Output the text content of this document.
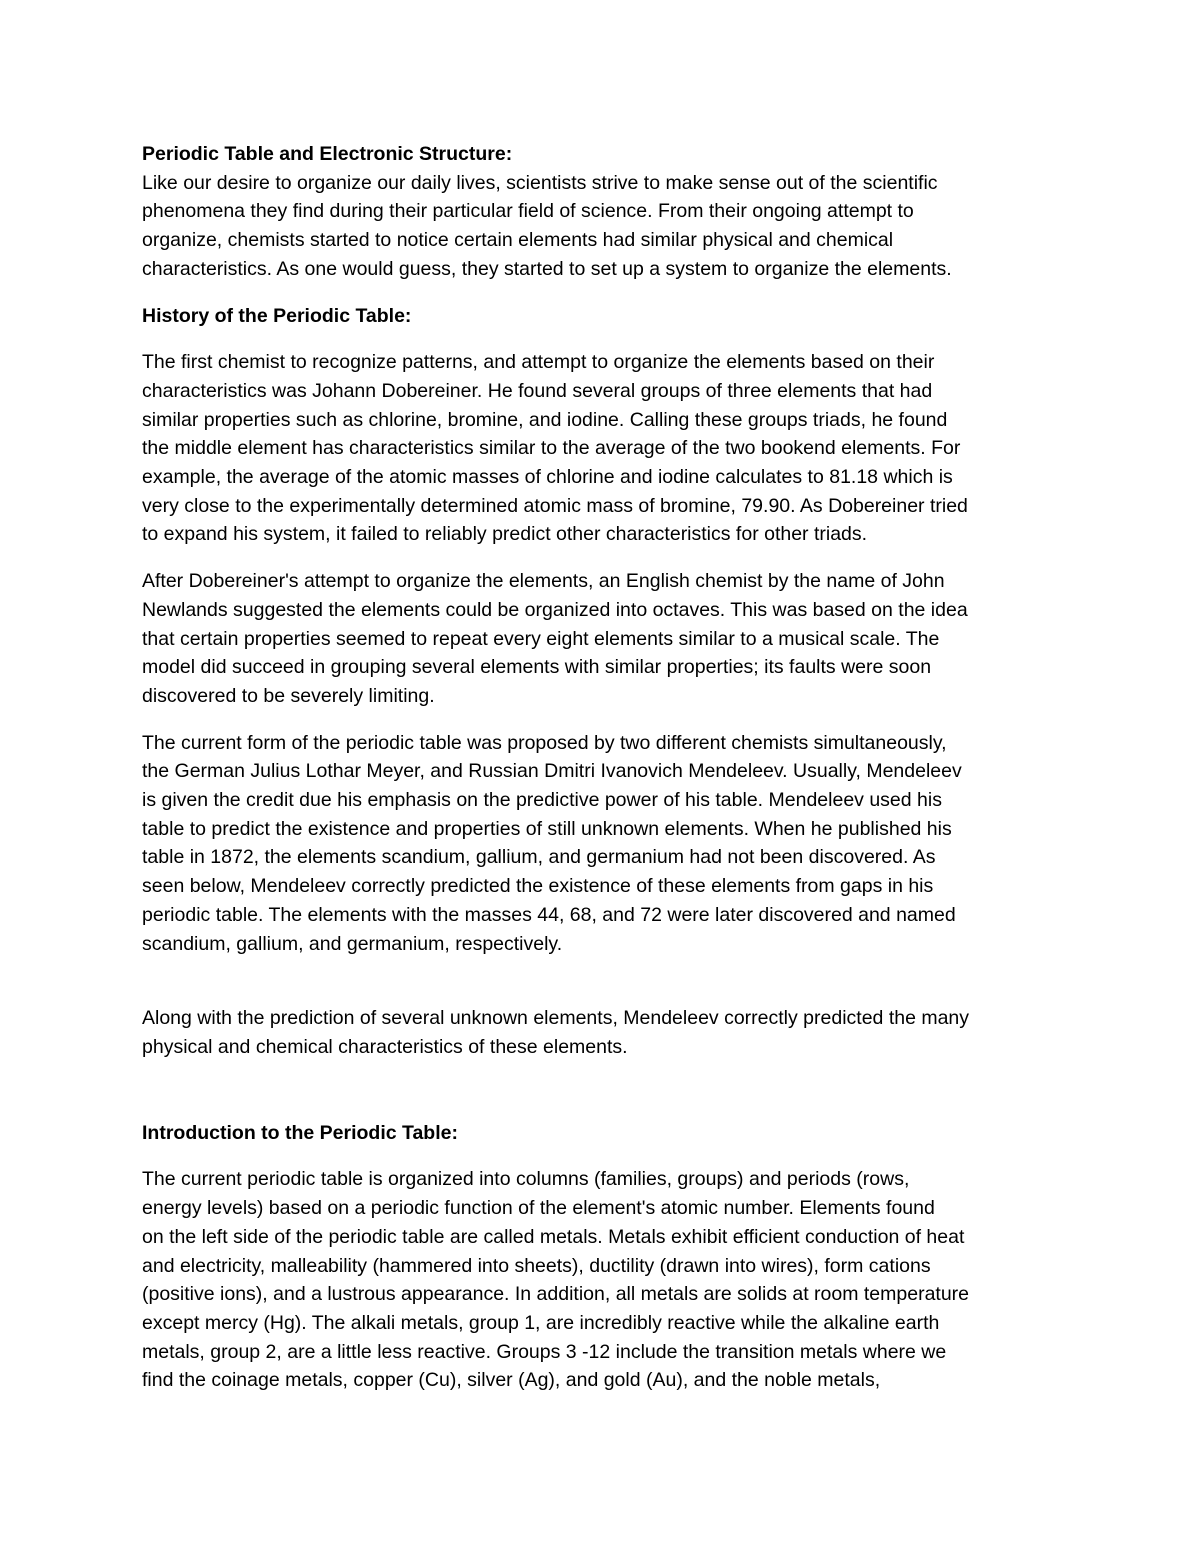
Periodic Table and Electronic Structure:

Like our desire to organize our daily lives, scientists strive to make sense out of the scientific
phenomena they find during their particular field of science. From their ongoing attempt to
organize, chemists started to notice certain elements had similar physical and chemical
characteristics. As one would guess, they started to set up a system to organize the elements.

History of the Periodic Table:

The first chemist to recognize patterns, and attempt to organize the elements based on their
characteristics was Johann Dobereiner. He found several groups of three elements that had
similar properties such as chlorine, bromine, and iodine. Calling these groups triads, he found
the middle element has characteristics similar to the average of the two bookend elements. For
example, the average of the atomic masses of chlorine and iodine calculates to 81.18 which is
very close to the experimentally determined atomic mass of bromine, 79.90. As Dobereiner tried
to expand his system, it failed to reliably predict other characteristics for other triads.

After Dobereiner's attempt to organize the elements, an English chemist by the name of John
Newlands suggested the elements could be organized into octaves. This was based on the idea
that certain properties seemed to repeat every eight elements similar to a musical scale. The
model did succeed in grouping several elements with similar properties; its faults were soon
discovered to be severely limiting.

The current form of the periodic table was proposed by two different chemists simultaneously,
the German Julius Lothar Meyer, and Russian Dmitri Ivanovich Mendeleev. Usually, Mendeleev
is given the credit due his emphasis on the predictive power of his table. Mendeleev used his
table to predict the existence and properties of still unknown elements. When he published his
table in 1872, the elements scandium, gallium, and germanium had not been discovered. As
seen below, Mendeleev correctly predicted the existence of these elements from gaps in his
periodic table. The elements with the masses 44, 68, and 72 were later discovered and named
scandium, gallium, and germanium, respectively.

Along with the prediction of several unknown elements, Mendeleev correctly predicted the many
physical and chemical characteristics of these elements.

Introduction to the Periodic Table:

The current periodic table is organized into columns (families, groups) and periods (rows,
energy levels) based on a periodic function of the element's atomic number. Elements found
on the left side of the periodic table are called metals. Metals exhibit efficient conduction of heat
and electricity, malleability (hammered into sheets), ductility (drawn into wires), form cations
(positive ions), and a lustrous appearance. In addition, all metals are solids at room temperature
except mercy (Hg). The alkali metals, group 1, are incredibly reactive while the alkaline earth
metals, group 2, are a little less reactive. Groups 3 -12 include the transition metals where we
find the coinage metals, copper (Cu), silver (Ag), and gold (Au), and the noble metals,
